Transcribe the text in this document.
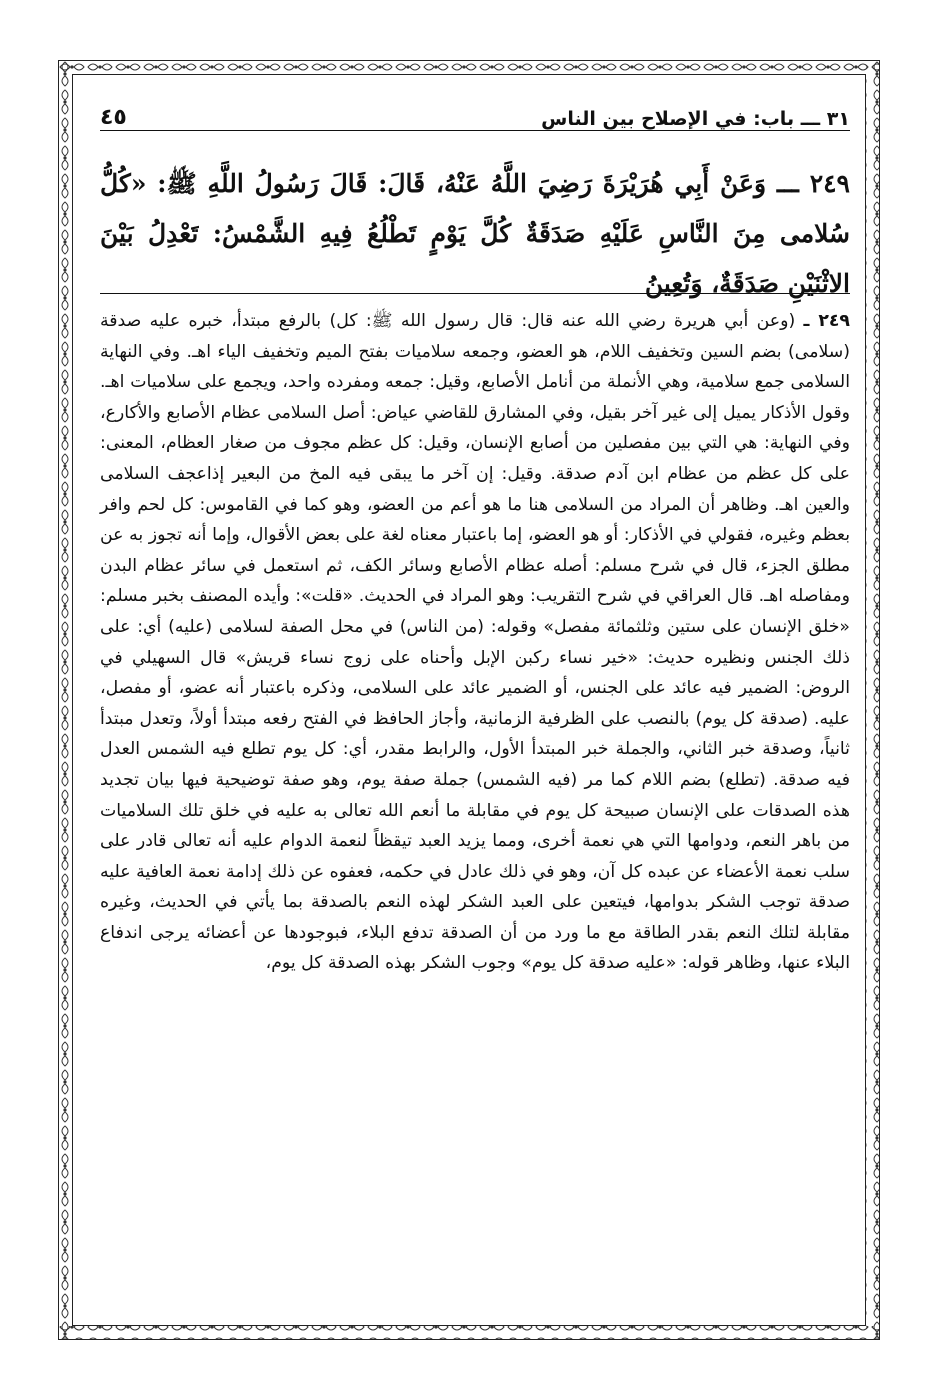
٣١ ـــ باب: في الإصلاح بين الناس
٤٥
٢٤٩ ـــ وَعَنْ أَبِي هُرَيْرَةَ رَضِيَ اللَّهُ عَنْهُ، قَالَ: قَالَ رَسُولُ اللَّهِ ﷺ: «كُلُّ سُلامى مِنَ النَّاسِ عَلَيْهِ صَدَقَةٌ كُلَّ يَوْمٍ تَطْلُعُ فِيهِ الشَّمْسُ: تَعْدِلُ بَيْنَ الاثْنَيْنِ صَدَقَةٌ، وَتُعِينُ

٢٤٩ ـ (وعن أبي هريرة رضي الله عنه قال: قال رسول الله ﷺ: كل) بالرفع مبتدأ، خبره عليه صدقة (سلامى) بضم السين وتخفيف اللام، هو العضو، وجمعه سلاميات بفتح الميم وتخفيف الياء اهـ. وفي النهاية السلامى جمع سلامية، وهي الأنملة من أنامل الأصابع، وقيل: جمعه ومفرده واحد، ويجمع على سلاميات اهـ. وقول الأذكار يميل إلى غير آخر بقيل، وفي المشارق للقاضي عياض: أصل السلامى عظام الأصابع والأكارع، وفي النهاية: هي التي بين مفصلين من أصابع الإنسان، وقيل: كل عظم مجوف من صغار العظام، المعنى: على كل عظم من عظام ابن آدم صدقة. وقيل: إن آخر ما يبقى فيه المخ من البعير إذاعجف السلامى والعين اهـ. وظاهر أن المراد من السلامى هنا ما هو أعم من العضو، وهو كما في القاموس: كل لحم وافر بعظم وغيره، فقولي في الأذكار: أو هو العضو، إما باعتبار معناه لغة على بعض الأقوال، وإما أنه تجوز به عن مطلق الجزء، قال في شرح مسلم: أصله عظام الأصابع وسائر الكف، ثم استعمل في سائر عظام البدن ومفاصله اهـ. قال العراقي في شرح التقريب: وهو المراد في الحديث. «قلت»: وأيده المصنف بخبر مسلم: «خلق الإنسان على ستين وثلثمائة مفصل» وقوله: (من الناس) في محل الصفة لسلامى (عليه) أي: على ذلك الجنس ونظيره حديث: «خير نساء ركبن الإبل وأحناه على زوج نساء قريش» قال السهيلي في الروض: الضمير فيه عائد على الجنس، أو الضمير عائد على السلامى، وذكره باعتبار أنه عضو، أو مفصل، عليه. (صدقة كل يوم) بالنصب على الظرفية الزمانية، وأجاز الحافظ في الفتح رفعه مبتدأ أولاً، وتعدل مبتدأ ثانياً، وصدقة خبر الثاني، والجملة خبر المبتدأ الأول، والرابط مقدر، أي: كل يوم تطلع فيه الشمس العدل فيه صدقة. (تطلع) بضم اللام كما مر (فيه الشمس) جملة صفة يوم، وهو صفة توضيحية فيها بيان تجديد هذه الصدقات على الإنسان صبيحة كل يوم في مقابلة ما أنعم الله تعالى به عليه في خلق تلك السلاميات من باهر النعم، ودوامها التي هي نعمة أخرى، ومما يزيد العبد تيقظاً لنعمة الدوام عليه أنه تعالى قادر على سلب نعمة الأعضاء عن عبده كل آن، وهو في ذلك عادل في حكمه، فعفوه عن ذلك إدامة نعمة العافية عليه صدقة توجب الشكر بدوامها، فيتعين على العبد الشكر لهذه النعم بالصدقة بما يأتي في الحديث، وغيره مقابلة لتلك النعم بقدر الطاقة مع ما ورد من أن الصدقة تدفع البلاء، فبوجودها عن أعضائه يرجى اندفاع البلاء عنها، وظاهر قوله: «عليه صدقة كل يوم» وجوب الشكر بهذه الصدقة كل يوم،
